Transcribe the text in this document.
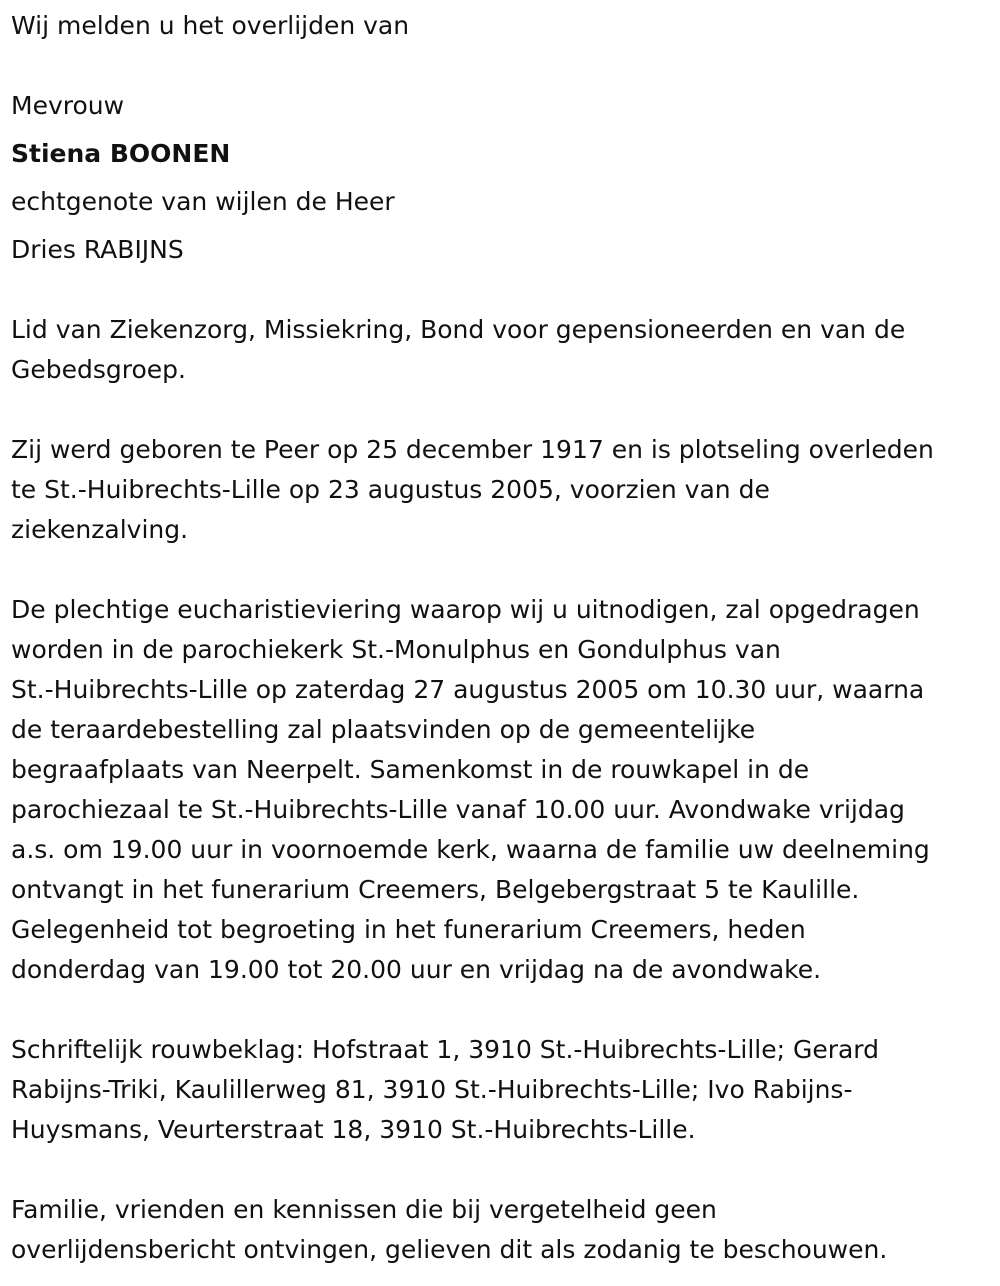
Wij melden u het overlijden van

Mevrouw

Stiena BOONEN

echtgenote van wijlen de Heer

Dries RABIJNS

Lid van Ziekenzorg, Missiekring, Bond voor gepensioneerden en van de

Gebedsgroep.

Zij werd geboren te Peer op 25 december 1917 en is plotseling overleden

te St.-Huibrechts-Lille op 23 augustus 2005, voorzien van de

ziekenzalving.

De plechtige eucharistieviering waarop wij u uitnodigen, zal opgedragen

worden in de parochiekerk St.-Monulphus en Gondulphus van

St.-Huibrechts-Lille op zaterdag 27 augustus 2005 om 10.30 uur, waarna

de teraardebestelling zal plaatsvinden op de gemeentelijke

begraafplaats van Neerpelt. Samenkomst in de rouwkapel in de

parochiezaal te St.-Huibrechts-Lille vanaf 10.00 uur. Avondwake vrijdag

a.s. om 19.00 uur in voornoemde kerk, waarna de familie uw deelneming

ontvangt in het funerarium Creemers, Belgebergstraat 5 te Kaulille.

Gelegenheid tot begroeting in het funerarium Creemers, heden

donderdag van 19.00 tot 20.00 uur en vrijdag na de avondwake.

Schriftelijk rouwbeklag: Hofstraat 1, 3910 St.-Huibrechts-Lille; Gerard

Rabijns-Triki, Kaulillerweg 81, 3910 St.-Huibrechts-Lille; Ivo Rabijns-

Huysmans, Veurterstraat 18, 3910 St.-Huibrechts-Lille.

Familie, vrienden en kennissen die bij vergetelheid geen

overlijdensbericht ontvingen, gelieven dit als zodanig te beschouwen.
